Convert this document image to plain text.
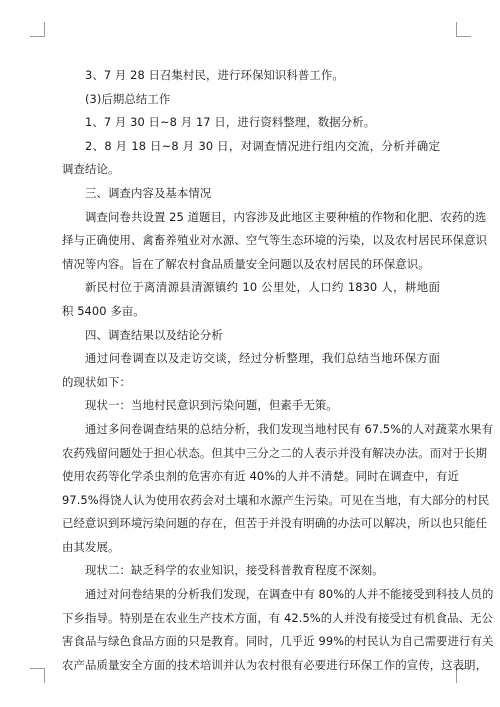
3、7 月 28 日召集村民，进行环保知识科普工作。

(3)后期总结工作

1、7 月 30 日~8 月 17 日，进行资料整理，数据分析。

2、8 月 18 日~8 月 30 日，对调查情况进行组内交流，分析并确定调查结论。

三、调查内容及基本情况

调查问卷共设置 25 道题目，内容涉及此地区主要种植的作物和化肥、农药的选
择与正确使用、禽畜养殖业对水源、空气等生态环境的污染，以及农村居民环保意识
情况等内容。旨在了解农村食品质量安全问题以及农村居民的环保意识。

新民村位于离清源县清源镇约 10 公里处，人口约 1830 人，耕地面积 5400 多亩。

四、调查结果以及结论分析

通过问卷调查以及走访交谈，经过分析整理，我们总结当地环保方面的现状如下：

现状一：当地村民意识到污染问题，但素手无策。

通过多问卷调查结果的总结分析，我们发现当地村民有 67.5%的人对蔬菜水果有
农药残留问题处于担心状态。但其中三分之二的人表示并没有解决办法。而对于长期
使用农药等化学杀虫剂的危害亦有近 40%的人并不清楚。同时在调查中，有近
97.5%得饶人认为使用农药会对土壤和水源产生污染。可见在当地，有大部分的村民
已经意识到环境污染问题的存在，但苦于并没有明确的办法可以解决，所以也只能任
由其发展。

现状二：缺乏科学的农业知识，接受科普教育程度不深刻。

通过对问卷结果的分析我们发现，在调查中有 80%的人并不能接受到科技人员的
下乡指导。特别是在农业生产技术方面，有 42.5%的人并没有接受过有机食品、无公
害食品与绿色食品方面的只是教育。同时，几乎近 99%的村民认为自己需要进行有关
农产品质量安全方面的技术培训并认为农村很有必要进行环保工作的宣传，这表明，
